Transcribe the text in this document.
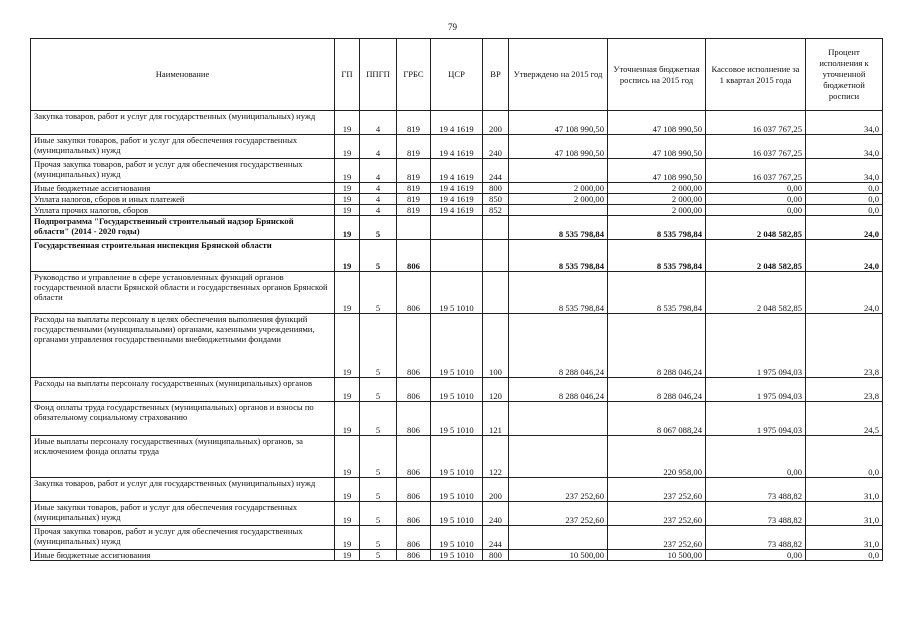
79
Наименование	ГП	ППГП	ГРБС	ЦСР	ВР	Утверждено на 2015 год	Уточненная бюджетная роспись на 2015 год	Кассовое исполнение за 1 квартал 2015 года	Процент исполнения к уточненной бюджетной росписи
Закупка товаров, работ и услуг для государственных (муниципальных) нужд	19	4	819	19 4 1619	200	47 108 990,50	47 108 990,50	16 037 767,25	34,0
Иные закупки товаров, работ и услуг для обеспечения государственных (муниципальных) нужд	19	4	819	19 4 1619	240	47 108 990,50	47 108 990,50	16 037 767,25	34,0
Прочая закупка товаров, работ и услуг для обеспечения государственных (муниципальных) нужд	19	4	819	19 4 1619	244		47 108 990,50	16 037 767,25	34,0
Иные бюджетные ассигнования	19	4	819	19 4 1619	800	2 000,00	2 000,00	0,00	0,0
Уплата налогов, сборов и иных платежей	19	4	819	19 4 1619	850	2 000,00	2 000,00	0,00	0,0
Уплата прочих налогов, сборов	19	4	819	19 4 1619	852		2 000,00	0,00	0,0
Подпрограмма "Государственный строительный надзор Брянской области" (2014 - 2020 годы)	19	5				8 535 798,84	8 535 798,84	2 048 582,85	24,0
Государственная строительная инспекция Брянской области	19	5	806			8 535 798,84	8 535 798,84	2 048 582,85	24,0
Руководство и управление в сфере установленных функций органов государственной власти Брянской области и государственных органов Брянской области	19	5	806	19 5 1010		8 535 798,84	8 535 798,84	2 048 582,85	24,0
Расходы на выплаты персоналу в целях обеспечения выполнения функций государственными (муниципальными) органами, казенными учреждениями, органами управления государственными внебюджетными фондами	19	5	806	19 5 1010	100	8 288 046,24	8 288 046,24	1 975 094,03	23,8
Расходы на выплаты персоналу государственных (муниципальных) органов	19	5	806	19 5 1010	120	8 288 046,24	8 288 046,24	1 975 094,03	23,8
Фонд оплаты труда государственных (муниципальных) органов и взносы по обязательному социальному страхованию	19	5	806	19 5 1010	121		8 067 088,24	1 975 094,03	24,5
Иные выплаты персоналу государственных (муниципальных) органов, за исключением фонда оплаты труда	19	5	806	19 5 1010	122		220 958,00	0,00	0,0
Закупка товаров, работ и услуг для государственных (муниципальных) нужд	19	5	806	19 5 1010	200	237 252,60	237 252,60	73 488,82	31,0
Иные закупки товаров, работ и услуг для обеспечения государственных (муниципальных) нужд	19	5	806	19 5 1010	240	237 252,60	237 252,60	73 488,82	31,0
Прочая закупка товаров, работ и услуг для обеспечения государственных (муниципальных) нужд	19	5	806	19 5 1010	244		237 252,60	73 488,82	31,0
Иные бюджетные ассигнования	19	5	806	19 5 1010	800	10 500,00	10 500,00	0,00	0,0
